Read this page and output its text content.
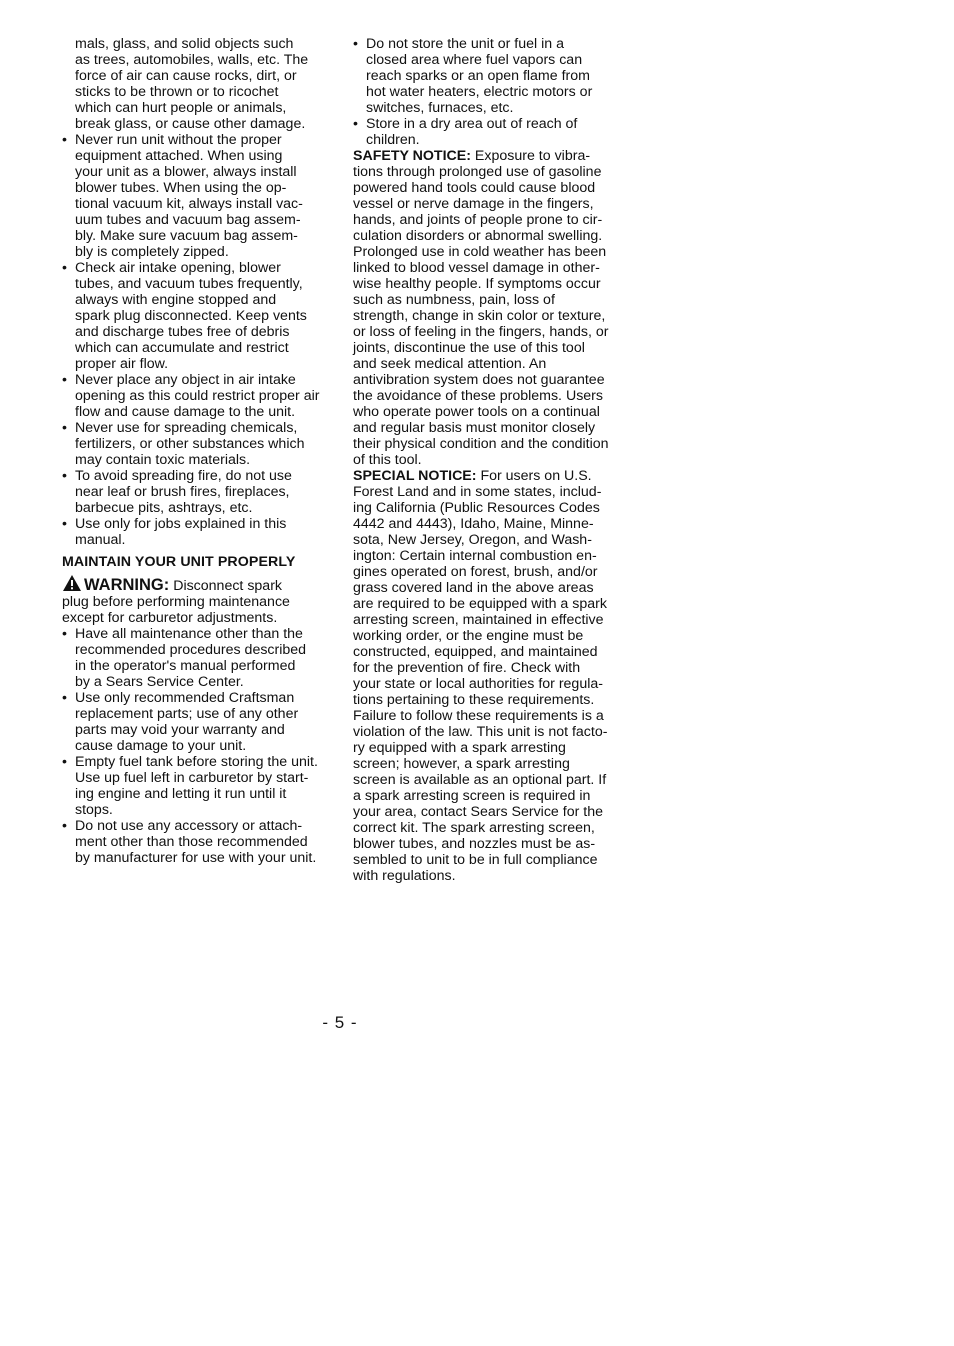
mals, glass, and solid objects such
as trees, automobiles, walls, etc. The
force of air can cause rocks, dirt, or
sticks to be thrown or to ricochet
which can hurt people or animals,
break glass, or cause other damage.

• Never run unit without the proper
equipment attached. When using
your unit as a blower, always install
blower tubes. When using the op-
tional vacuum kit, always install vac-
uum tubes and vacuum bag assem-
bly. Make sure vacuum bag assem-
bly is completely zipped.
• Check air intake opening, blower
tubes, and vacuum tubes frequently,
always with engine stopped and
spark plug disconnected. Keep vents
and discharge tubes free of debris
which can accumulate and restrict
proper air flow.
• Never place any object in air intake
opening as this could restrict proper air
flow and cause damage to the unit.
• Never use for spreading chemicals,
fertilizers, or other substances which
may contain toxic materials.
• To avoid spreading fire, do not use
near leaf or brush fires, fireplaces,
barbecue pits, ashtrays, etc.
• Use only for jobs explained in this
manual.
MAINTAIN YOUR UNIT PROPERLY

WARNING: Disconnect spark
plug before performing maintenance
except for carburetor adjustments.

• Have all maintenance other than the
recommended procedures described
in the operator's manual performed
by a Sears Service Center.
• Use only recommended Craftsman
replacement parts; use of any other
parts may void your warranty and
cause damage to your unit.
• Empty fuel tank before storing the unit.
Use up fuel left in carburetor by start-
ing engine and letting it run until it
stops.
• Do not use any accessory or attach-
ment other than those recommended
by manufacturer for use with your unit.
• Do not store the unit or fuel in a
closed area where fuel vapors can
reach sparks or an open flame from
hot water heaters, electric motors or
switches, furnaces, etc.
• Store in a dry area out of reach of
children.

SAFETY NOTICE: Exposure to vibra-
tions through prolonged use of gasoline
powered hand tools could cause blood
vessel or nerve damage in the fingers,
hands, and joints of people prone to cir-
culation disorders or abnormal swelling.
Prolonged use in cold weather has been
linked to blood vessel damage in other-
wise healthy people. If symptoms occur
such as numbness, pain, loss of
strength, change in skin color or texture,
or loss of feeling in the fingers, hands, or
joints, discontinue the use of this tool
and seek medical attention. An
antivibration system does not guarantee
the avoidance of these problems. Users
who operate power tools on a continual
and regular basis must monitor closely
their physical condition and the condition
of this tool.

SPECIAL NOTICE: For users on U.S.
Forest Land and in some states, includ-
ing California (Public Resources Codes
4442 and 4443), Idaho, Maine, Minne-
sota, New Jersey, Oregon, and Wash-
ington: Certain internal combustion en-
gines operated on forest, brush, and/or
grass covered land in the above areas
are required to be equipped with a spark
arresting screen, maintained in effective
working order, or the engine must be
constructed, equipped, and maintained
for the prevention of fire. Check with
your state or local authorities for regula-
tions pertaining to these requirements.
Failure to follow these requirements is a
violation of the law. This unit is not facto-
ry equipped with a spark arresting
screen; however, a spark arresting
screen is available as an optional part. If
a spark arresting screen is required in
your area, contact Sears Service for the
correct kit. The spark arresting screen,
blower tubes, and nozzles must be as-
sembled to unit to be in full compliance
with regulations.

- 5 -
